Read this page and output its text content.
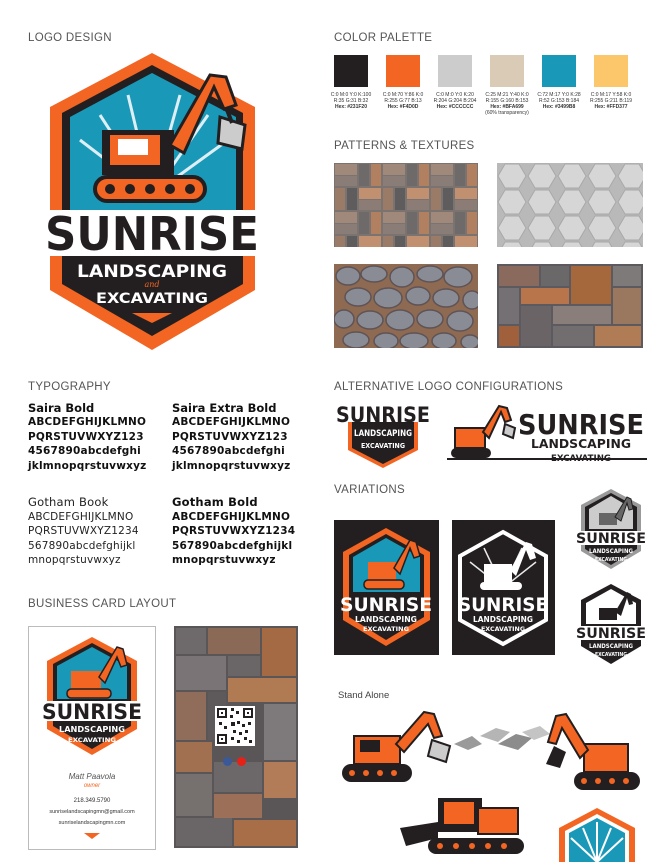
LOGO DESIGN
SUNRISE
LANDSCAPING
and
EXCAVATING
COLOR PALETTE
C:0 M:0 Y:0 K:100
R:35 G:31 B:32
Hex: #231F20
C:0 M:70 Y:86 K:0
R:255 G:77 B:13
Hex: #F4D0D
C:0 M:0 Y:0 K:20
R:204 G:204 B:204
Hex: #CCCCCC
C:25 M:21 Y:40 K:0
R:155 G:160 B:153
Hex: #BFA699
(60% transparency)
C:72 M:17 Y:0 K:28
R:52 G:153 B:184
Hex: #3499B8
C:0 M:17 Y:58 K:0
R:255 G:211 B:119
Hex: #FFD377
PATTERNS & TEXTURES
TYPOGRAPHY
Saira Bold
ABCDEFGHIJKLMNO
PQRSTUVWXYZ123
4567890abcdefghi
jklmnopqrstuvwxyz
Saira Extra Bold
ABCDEFGHIJKLMNO
PQRSTUVWXYZ123
4567890abcdefghi
jklmnopqrstuvwxyz
Gotham Book
ABCDEFGHIJKLMNO
PQRSTUVWXYZ1234
567890abcdefghijkl
mnopqrstuvwxyz
Gotham Bold
ABCDEFGHIJKLMNO
PQRSTUVWXYZ1234
567890abcdefghijkl
mnopqrstuvwxyz
ALTERNATIVE LOGO CONFIGURATIONS
SUNRISE
LANDSCAPING
EXCAVATING
SUNRISE
LANDSCAPING
EXCAVATING
VARIATIONS
SUNRISE
LANDSCAPING
EXCAVATING
SUNRISE
LANDSCAPING
EXCAVATING
SUNRISE
LANDSCAPING
EXCAVATING
SUNRISE
LANDSCAPING
EXCAVATING
BUSINESS CARD LAYOUT
SUNRISE
LANDSCAPING
EXCAVATING
Matt Paavola
owner
218.349.5790
sunriselandscapingmn@gmail.com
sunriselandscapingmn.com
Stand Alone
